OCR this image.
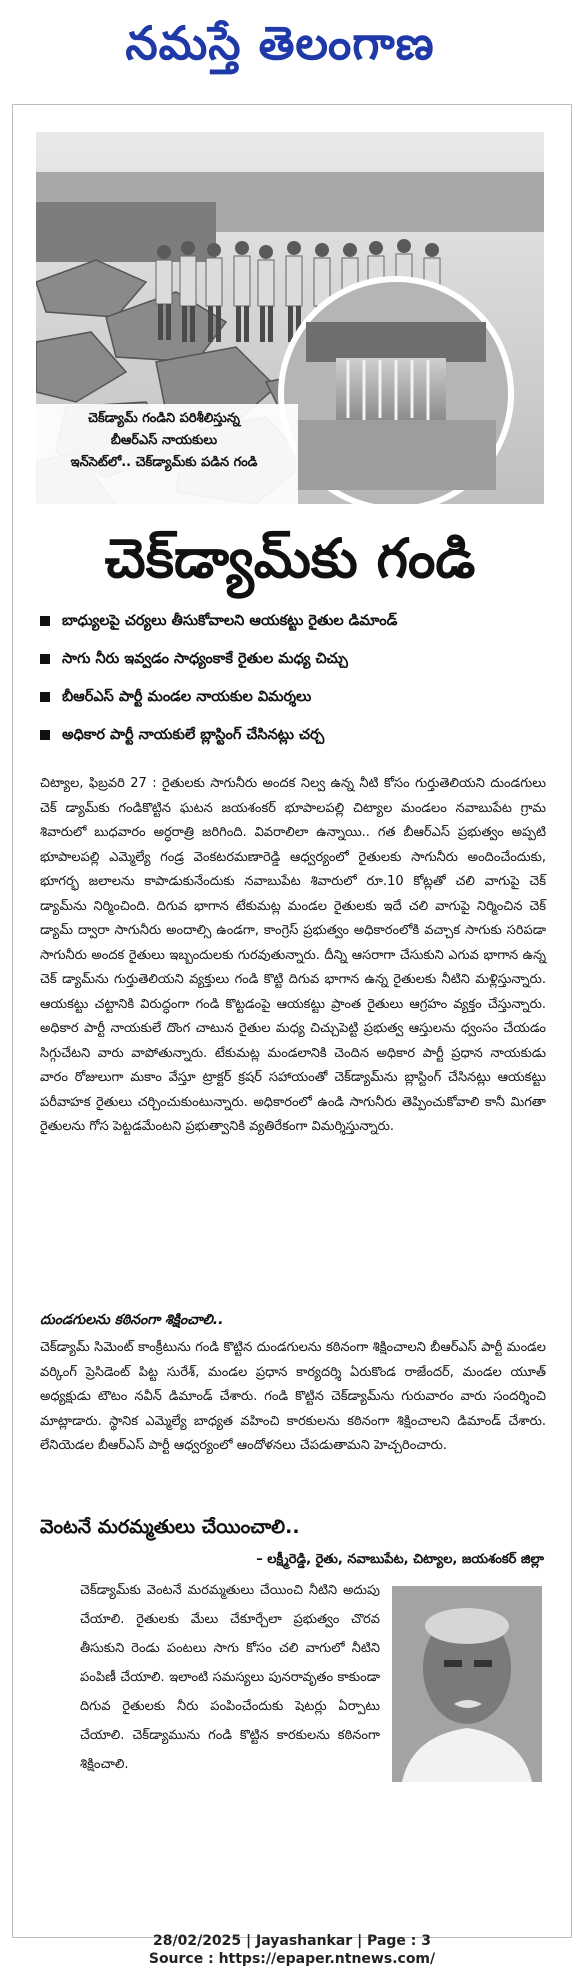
నమస్తే తెలంగాణ
చెక్‌డ్యామ్ గండిని పరిశీలిస్తున్న
బీఆర్‌ఎస్ నాయకులు
ఇన్‌సెట్‌లో.. చెక్‌డ్యామ్‌కు పడిన గండి
చెక్‌డ్యామ్‌కు గండి
బాధ్యులపై చర్యలు తీసుకోవాలని ఆయకట్టు రైతుల డిమాండ్
సాగు నీరు ఇవ్వడం సాధ్యంకాకే రైతుల మధ్య చిచ్చు
బీఆర్‌ఎస్ పార్టీ మండల నాయకుల విమర్శలు
అధికార పార్టీ నాయకులే బ్లాస్టింగ్ చేసినట్లు చర్చ

చిట్యాల, ఫిబ్రవరి 27 : రైతులకు సాగునీరు అందక నిల్వ ఉన్న నీటి కోసం గుర్తుతెలియని దుండగులు చెక్ డ్యామ్‌కు గండికొట్టిన ఘటన జయశంకర్ భూపాలపల్లి చిట్యాల మండలం నవాబుపేట గ్రామ శివారులో బుధవారం అర్ధరాత్రి జరిగింది. వివరాలిలా ఉన్నాయి.. గత బీఆర్‌ఎస్ ప్రభుత్వం అప్పటి భూపాలపల్లి ఎమ్మెల్యే గండ్ర వెంకటరమణారెడ్డి ఆధ్వర్యంలో రైతులకు సాగునీరు అందించేందుకు, భూగర్భ జలాలను కాపాడుకునేందుకు నవాబుపేట శివారులో రూ.10 కోట్లతో చలి వాగుపై చెక్ డ్యామ్‌ను నిర్మించింది. దిగువ భాగాన టేకుమట్ల మండల రైతులకు ఇదే చలి వాగుపై నిర్మించిన చెక్ డ్యామ్ ద్వారా సాగునీరు అందాల్సి ఉండగా, కాంగ్రెస్ ప్రభుత్వం అధికారంలోకి వచ్చాక సాగుకు సరిపడా సాగునీరు అందక రైతులు ఇబ్బందులకు గురవుతున్నారు. దీన్ని ఆసరాగా చేసుకుని ఎగువ భాగాన ఉన్న చెక్ డ్యామ్‌ను గుర్తుతెలియని వ్యక్తులు గండి కొట్టి దిగువ భాగాన ఉన్న రైతులకు నీటిని మళ్లిస్తున్నారు. ఆయకట్టు చట్టానికి విరుద్ధంగా గండి కొట్టడంపై ఆయకట్టు ప్రాంత రైతులు ఆగ్రహం వ్యక్తం చేస్తున్నారు. అధికార పార్టీ నాయకులే దొంగ చాటున రైతుల మధ్య చిచ్చుపెట్టి ప్రభుత్వ ఆస్తులను ధ్వంసం చేయడం సిగ్గుచేటని వారు వాపోతున్నారు. టేకుమట్ల మండలానికి చెందిన అధికార పార్టీ ప్రధాన నాయకుడు వారం రోజులుగా మకాం వేస్తూ ట్రాక్టర్ క్రషర్ సహాయంతో చెక్‌డ్యామ్‌ను బ్లాస్టింగ్ చేసినట్లు ఆయకట్టు పరీవాహక రైతులు చర్చించుకుంటున్నారు. అధికారంలో ఉండి సాగునీరు తెప్పించుకోవాలి కానీ మిగతా రైతులను గోస పెట్టడమేంటని ప్రభుత్వానికి వ్యతిరేకంగా విమర్శిస్తున్నారు.

దుండగులను కఠినంగా శిక్షించాలి..

చెక్‌డ్యామ్ సిమెంట్ కాంక్రీటును గండి కొట్టిన దుండగులను కఠినంగా శిక్షించాలని బీఆర్‌ఎస్ పార్టీ మండల వర్కింగ్ ప్రెసిడెంట్ పిట్ట సురేశ్, మండల ప్రధాన కార్యదర్శి ఏరుకొండ రాజేందర్, మండల యూత్ అధ్యక్షుడు టౌటం నవీన్ డిమాండ్ చేశారు. గండి కొట్టిన చెక్‌డ్యామ్‌ను గురువారం వారు సందర్శించి మాట్లాడారు. స్థానిక ఎమ్మెల్యే బాధ్యత వహించి కారకులను కఠినంగా శిక్షించాలని డిమాండ్ చేశారు. లేనియెడల బీఆర్‌ఎస్ పార్టీ ఆధ్వర్యంలో ఆందోళనలు చేపడుతామని హెచ్చరించారు.

వెంటనే మరమ్మతులు చేయించాలి..
– లక్ష్మీరెడ్డి, రైతు, నవాబుపేట, చిట్యాల, జయశంకర్ జిల్లా

చెక్‌డ్యామ్‌కు వెంటనే మరమ్మతులు చేయించి నీటిని అదుపు చేయాలి. రైతులకు మేలు చేకూర్చేలా ప్రభుత్వం చొరవ తీసుకుని రెండు పంటలు సాగు కోసం చలి వాగులో నీటిని పంపిణీ చేయాలి. ఇలాంటి సమస్యలు పునరావృతం కాకుండా దిగువ రైతులకు నీరు పంపించేందుకు షెటర్లు ఏర్పాటు చేయాలి. చెక్‌డ్యామును గండి కొట్టిన కారకులను కఠినంగా శిక్షించాలి.

28/02/2025 | Jayashankar | Page : 3
Source : https://epaper.ntnews.com/
